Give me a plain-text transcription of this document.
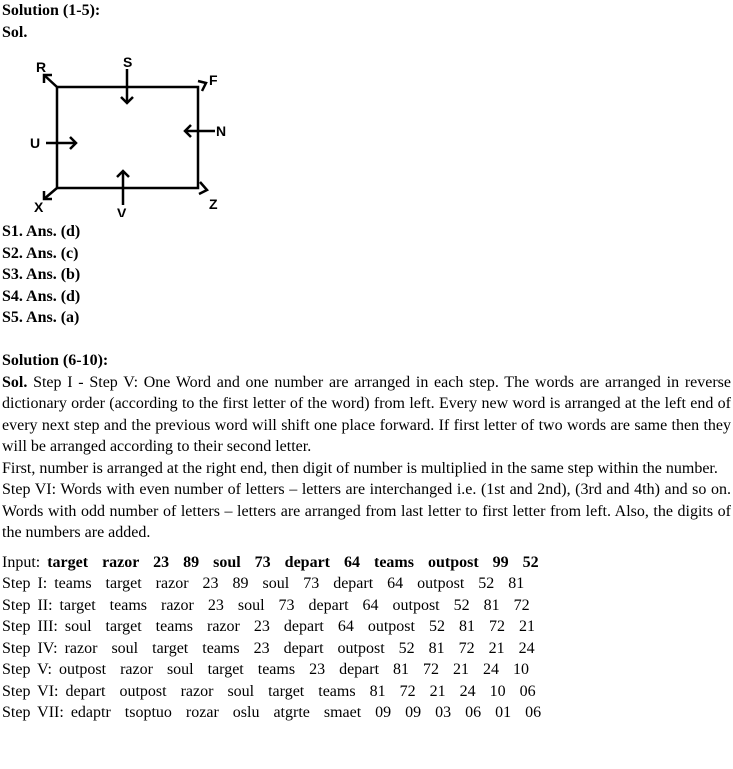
Solution (1-5):
Sol.
R	S
F
N
U
V
X	Z
S1. Ans. (d)
S2. Ans. (c)
S3. Ans. (b)
S4. Ans. (d)
S5. Ans. (a)
Solution (6-10):
Sol. Step I - Step V: One Word and one number are arranged in each step. The words are arranged in reverse dictionary order (according to the first letter of the word) from left. Every new word is arranged at the left end of every next step and the previous word will shift one place forward. If first letter of two words are same then they will be arranged according to their second letter.
First, number is arranged at the right end, then digit of number is multiplied in the same step within the number.
Step VI: Words with even number of letters – letters are interchanged i.e. (1st and 2nd), (3rd and 4th) and so on. Words with odd number of letters – letters are arranged from last letter to first letter from left. Also, the digits of the numbers are added.
Input: target  razor  23  89  soul  73  depart  64  teams  outpost  99  52
Step I: teams  target  razor  23  89  soul  73  depart  64  outpost  52  81
Step II: target  teams  razor  23  soul  73  depart  64  outpost  52  81  72
Step III: soul  target  teams  razor  23  depart  64  outpost  52  81  72  21
Step IV: razor  soul  target  teams  23  depart  outpost  52  81  72  21  24
Step V: outpost  razor  soul  target  teams  23  depart  81  72  21  24  10
Step VI: depart  outpost  razor  soul  target  teams  81  72  21  24  10  06
Step VII: edaptr  tsoptuo  rozar  oslu  atgrte  smaet  09  09  03  06  01  06
